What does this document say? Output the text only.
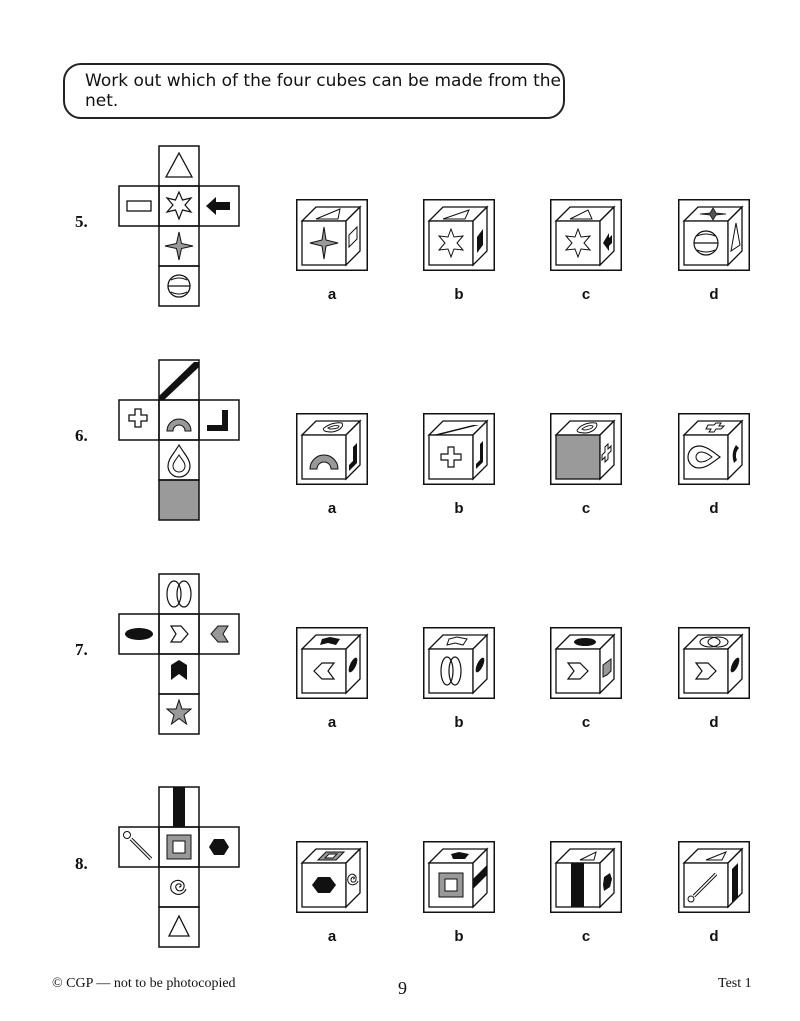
Work out which of the four cubes can be made from the net.
5.
a	b	c	d
6.
a	b	c	d
7.
a	b	c	d
8.
a	b	c	d
© CGP — not to be photocopied	9	Test 1
